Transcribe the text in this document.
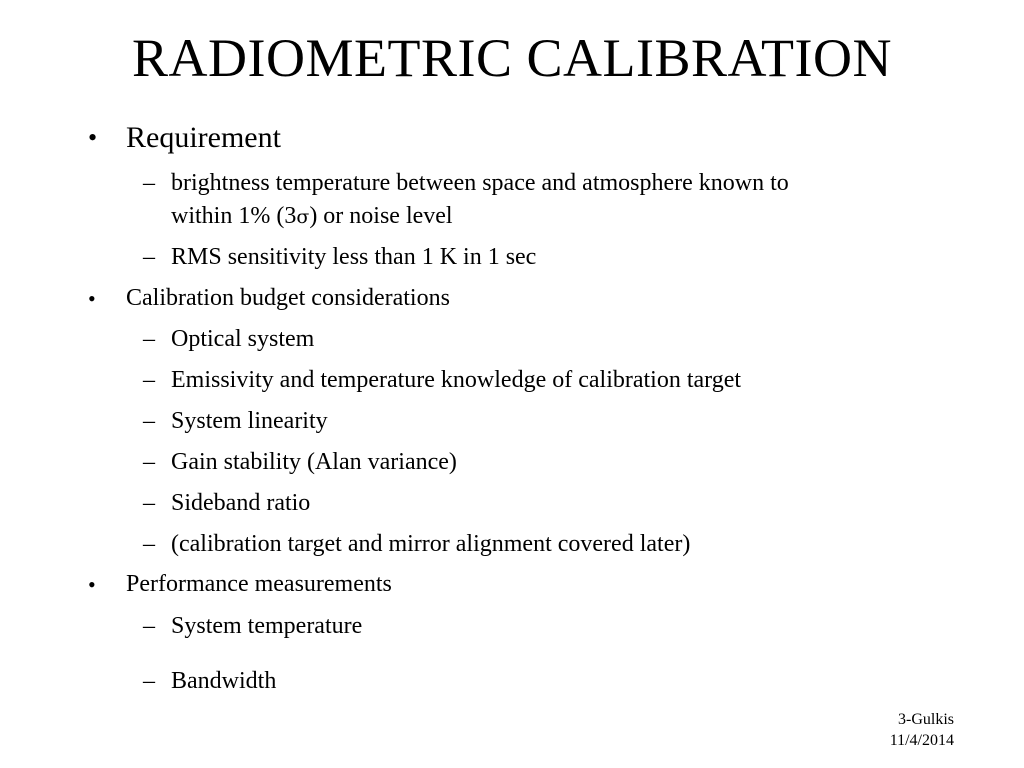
RADIOMETRIC CALIBRATION
• Requirement
– brightness temperature between space and atmosphere known to
within 1% (3σ) or noise level
– RMS sensitivity less than 1 K in 1 sec
• Calibration budget considerations
– Optical system
– Emissivity and temperature knowledge of calibration target
– System linearity
– Gain stability (Alan variance)
– Sideband ratio
– (calibration target and mirror alignment covered later)
• Performance measurements
– System temperature
– Bandwidth
3-Gulkis
11/4/2014
